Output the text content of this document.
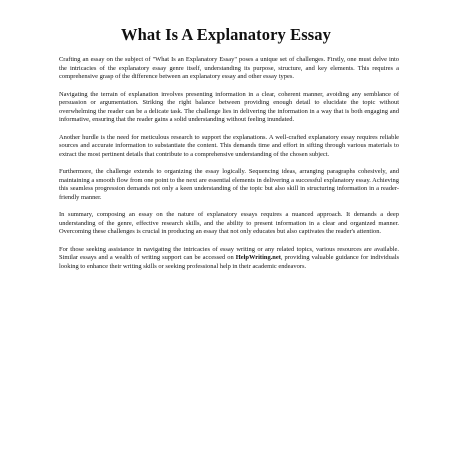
What Is A Explanatory Essay

Crafting an essay on the subject of "What Is an Explanatory Essay" poses a unique set of challenges. Firstly, one must delve into the intricacies of the explanatory essay genre itself, understanding its purpose, structure, and key elements. This requires a comprehensive grasp of the difference between an explanatory essay and other essay types.

Navigating the terrain of explanation involves presenting information in a clear, coherent manner, avoiding any semblance of persuasion or argumentation. Striking the right balance between providing enough detail to elucidate the topic without overwhelming the reader can be a delicate task. The challenge lies in delivering the information in a way that is both engaging and informative, ensuring that the reader gains a solid understanding without feeling inundated.

Another hurdle is the need for meticulous research to support the explanations. A well-crafted explanatory essay requires reliable sources and accurate information to substantiate the content. This demands time and effort in sifting through various materials to extract the most pertinent details that contribute to a comprehensive understanding of the chosen subject.

Furthermore, the challenge extends to organizing the essay logically. Sequencing ideas, arranging paragraphs cohesively, and maintaining a smooth flow from one point to the next are essential elements in delivering a successful explanatory essay. Achieving this seamless progression demands not only a keen understanding of the topic but also skill in structuring information in a reader-friendly manner.

In summary, composing an essay on the nature of explanatory essays requires a nuanced approach. It demands a deep understanding of the genre, effective research skills, and the ability to present information in a clear and organized manner. Overcoming these challenges is crucial in producing an essay that not only educates but also captivates the reader's attention.

For those seeking assistance in navigating the intricacies of essay writing or any related topics, various resources are available. Similar essays and a wealth of writing support can be accessed on HelpWriting.net, providing valuable guidance for individuals looking to enhance their writing skills or seeking professional help in their academic endeavors.
